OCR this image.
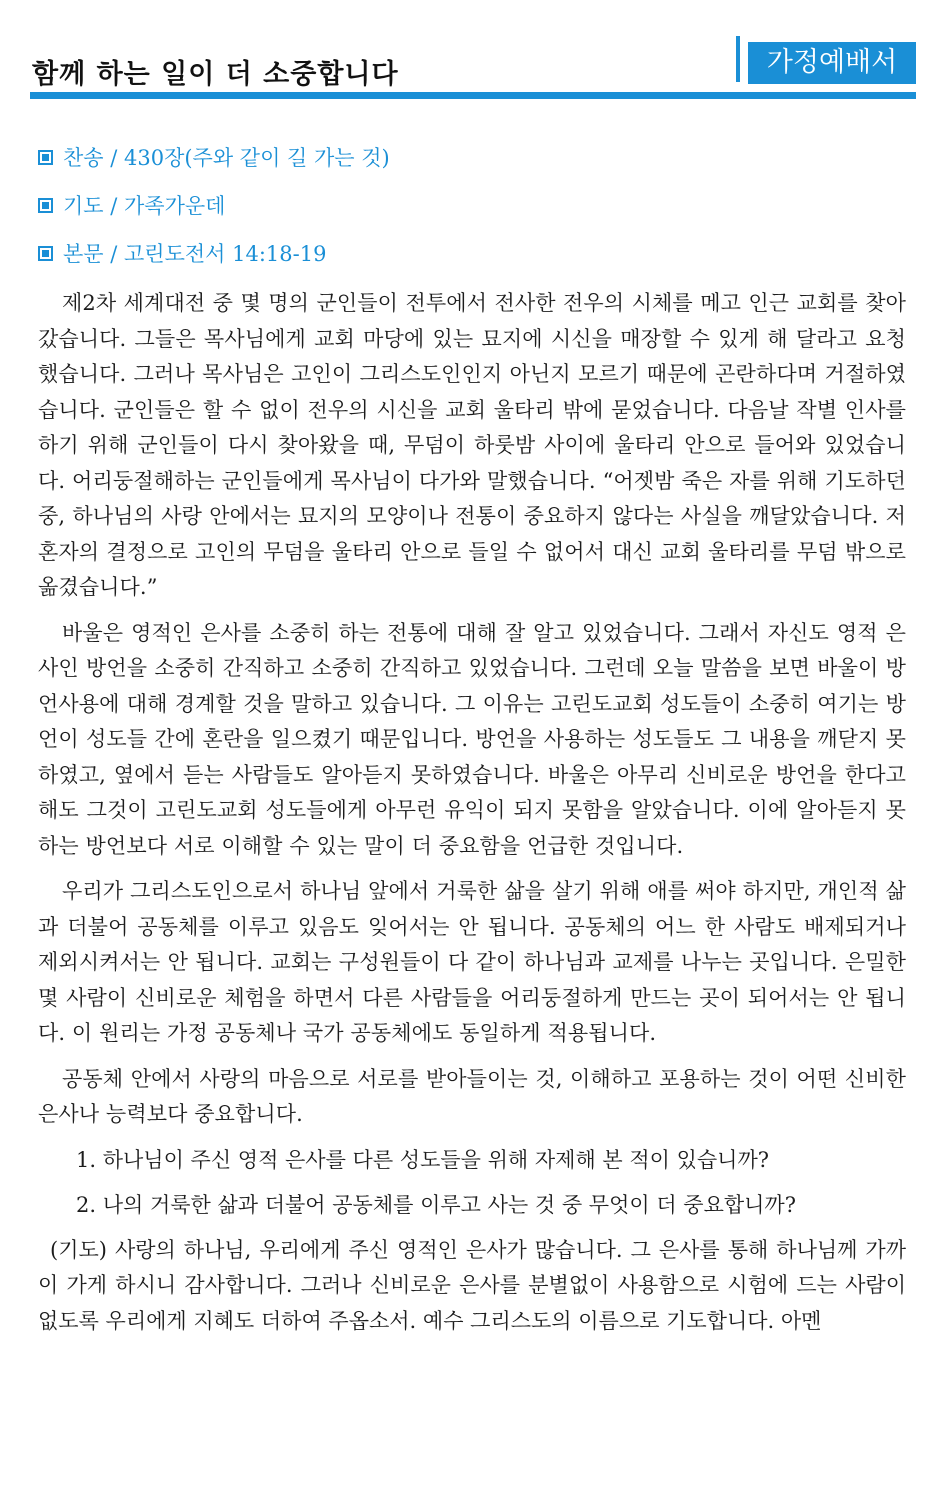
함께 하는 일이 더 소중합니다	가정예배서
찬송 / 430장(주와 같이 길 가는 것)
기도 / 가족가운데
본문 / 고린도전서 14:18-19

제2차 세계대전 중 몇 명의 군인들이 전투에서 전사한 전우의 시체를 메고 인근 교회를 찾아갔습니다. 그들은 목사님에게 교회 마당에 있는 묘지에 시신을 매장할 수 있게 해 달라고 요청했습니다. 그러나 목사님은 고인이 그리스도인인지 아닌지 모르기 때문에 곤란하다며 거절하였습니다. 군인들은 할 수 없이 전우의 시신을 교회 울타리 밖에 묻었습니다. 다음날 작별 인사를 하기 위해 군인들이 다시 찾아왔을 때, 무덤이 하룻밤 사이에 울타리 안으로 들어와 있었습니다. 어리둥절해하는 군인들에게 목사님이 다가와 말했습니다. “어젯밤 죽은 자를 위해 기도하던 중, 하나님의 사랑 안에서는 묘지의 모양이나 전통이 중요하지 않다는 사실을 깨달았습니다. 저 혼자의 결정으로 고인의 무덤을 울타리 안으로 들일 수 없어서 대신 교회 울타리를 무덤 밖으로 옮겼습니다.”

바울은 영적인 은사를 소중히 하는 전통에 대해 잘 알고 있었습니다. 그래서 자신도 영적 은사인 방언을 소중히 간직하고 소중히 간직하고 있었습니다. 그런데 오늘 말씀을 보면 바울이 방언사용에 대해 경계할 것을 말하고 있습니다. 그 이유는 고린도교회 성도들이 소중히 여기는 방언이 성도들 간에 혼란을 일으켰기 때문입니다. 방언을 사용하는 성도들도 그 내용을 깨닫지 못하였고, 옆에서 듣는 사람들도 알아듣지 못하였습니다. 바울은 아무리 신비로운 방언을 한다고 해도 그것이 고린도교회 성도들에게 아무런 유익이 되지 못함을 알았습니다. 이에 알아듣지 못하는 방언보다 서로 이해할 수 있는 말이 더 중요함을 언급한 것입니다.

우리가 그리스도인으로서 하나님 앞에서 거룩한 삶을 살기 위해 애를 써야 하지만, 개인적 삶과 더불어 공동체를 이루고 있음도 잊어서는 안 됩니다. 공동체의 어느 한 사람도 배제되거나 제외시켜서는 안 됩니다. 교회는 구성원들이 다 같이 하나님과 교제를 나누는 곳입니다. 은밀한 몇 사람이 신비로운 체험을 하면서 다른 사람들을 어리둥절하게 만드는 곳이 되어서는 안 됩니다. 이 원리는 가정 공동체나 국가 공동체에도 동일하게 적용됩니다.

공동체 안에서 사랑의 마음으로 서로를 받아들이는 것, 이해하고 포용하는 것이 어떤 신비한 은사나 능력보다 중요합니다.

1. 하나님이 주신 영적 은사를 다른 성도들을 위해 자제해 본 적이 있습니까?

2. 나의 거룩한 삶과 더불어 공동체를 이루고 사는 것 중 무엇이 더 중요합니까?

(기도) 사랑의 하나님, 우리에게 주신 영적인 은사가 많습니다. 그 은사를 통해 하나님께 가까이 가게 하시니 감사합니다. 그러나 신비로운 은사를 분별없이 사용함으로 시험에 드는 사람이 없도록 우리에게 지혜도 더하여 주옵소서. 예수 그리스도의 이름으로 기도합니다. 아멘
